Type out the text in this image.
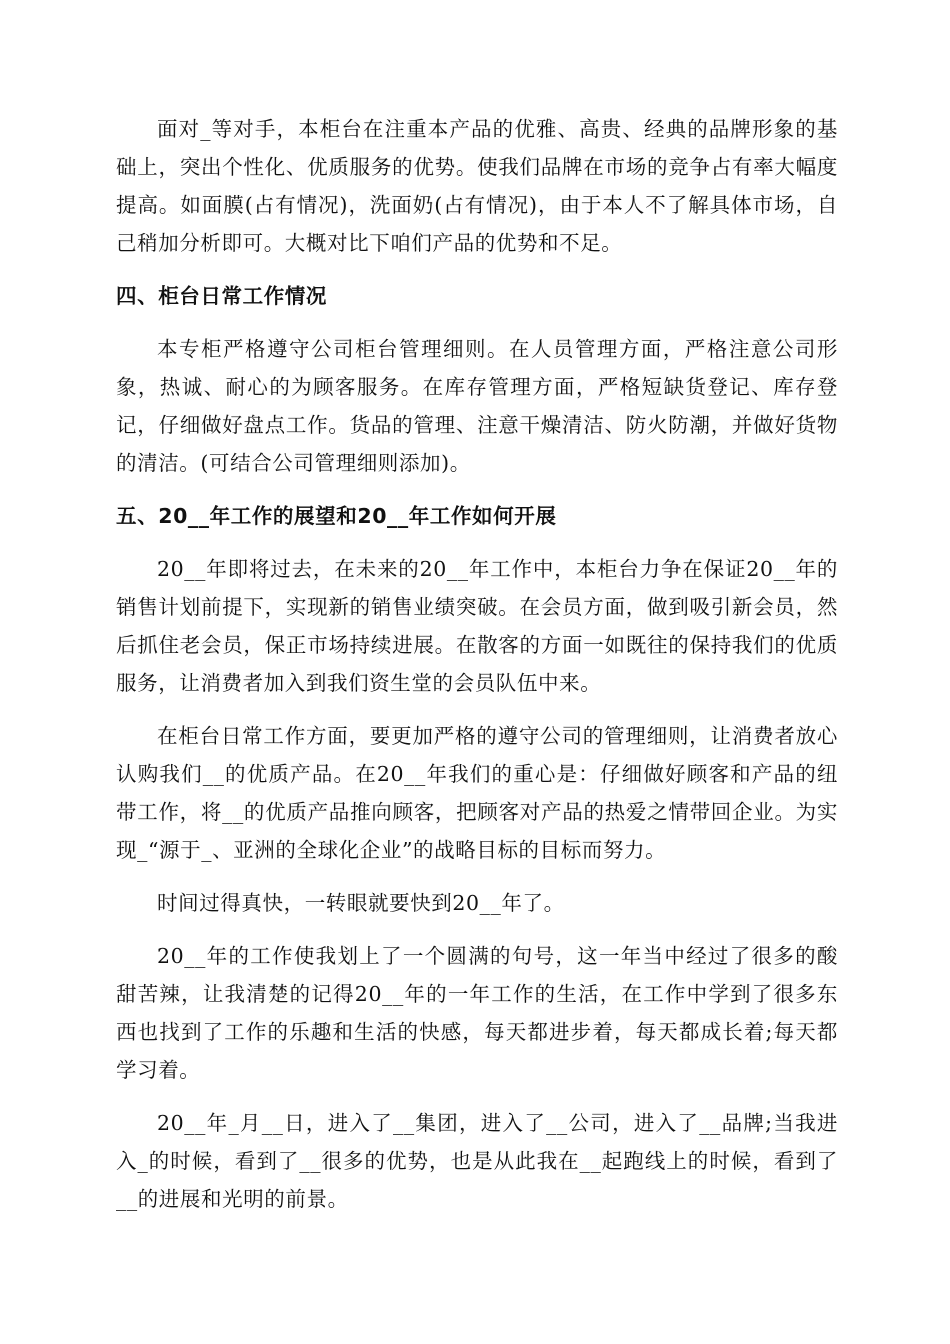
面对_等对手，本柜台在注重本产品的优雅、高贵、经典的品牌形象的基础上，突出个性化、优质服务的优势。使我们品牌在市场的竞争占有率大幅度提高。如面膜(占有情况)，洗面奶(占有情况)，由于本人不了解具体市场，自己稍加分析即可。大概对比下咱们产品的优势和不足。

四、柜台日常工作情况

本专柜严格遵守公司柜台管理细则。在人员管理方面，严格注意公司形象，热诚、耐心的为顾客服务。在库存管理方面，严格短缺货登记、库存登记，仔细做好盘点工作。货品的管理、注意干燥清洁、防火防潮，并做好货物的清洁。(可结合公司管理细则添加)。

五、20__年工作的展望和20__年工作如何开展

20__年即将过去，在未来的20__年工作中，本柜台力争在保证20__年的销售计划前提下，实现新的销售业绩突破。在会员方面，做到吸引新会员，然后抓住老会员，保正市场持续进展。在散客的方面一如既往的保持我们的优质服务，让消费者加入到我们资生堂的会员队伍中来。

在柜台日常工作方面，要更加严格的遵守公司的管理细则，让消费者放心认购我们__的优质产品。在20__年我们的重心是：仔细做好顾客和产品的纽带工作，将__的优质产品推向顾客，把顾客对产品的热爱之情带回企业。为实现_“源于_、亚洲的全球化企业”的战略目标的目标而努力。

时间过得真快，一转眼就要快到20__年了。

20__年的工作使我划上了一个圆满的句号，这一年当中经过了很多的酸甜苦辣，让我清楚的记得20__年的一年工作的生活，在工作中学到了很多东西也找到了工作的乐趣和生活的快感，每天都进步着，每天都成长着;每天都学习着。

20__年_月__日，进入了__集团，进入了__公司，进入了__品牌;当我进入_的时候，看到了__很多的优势，也是从此我在__起跑线上的时候，看到了__的进展和光明的前景。
